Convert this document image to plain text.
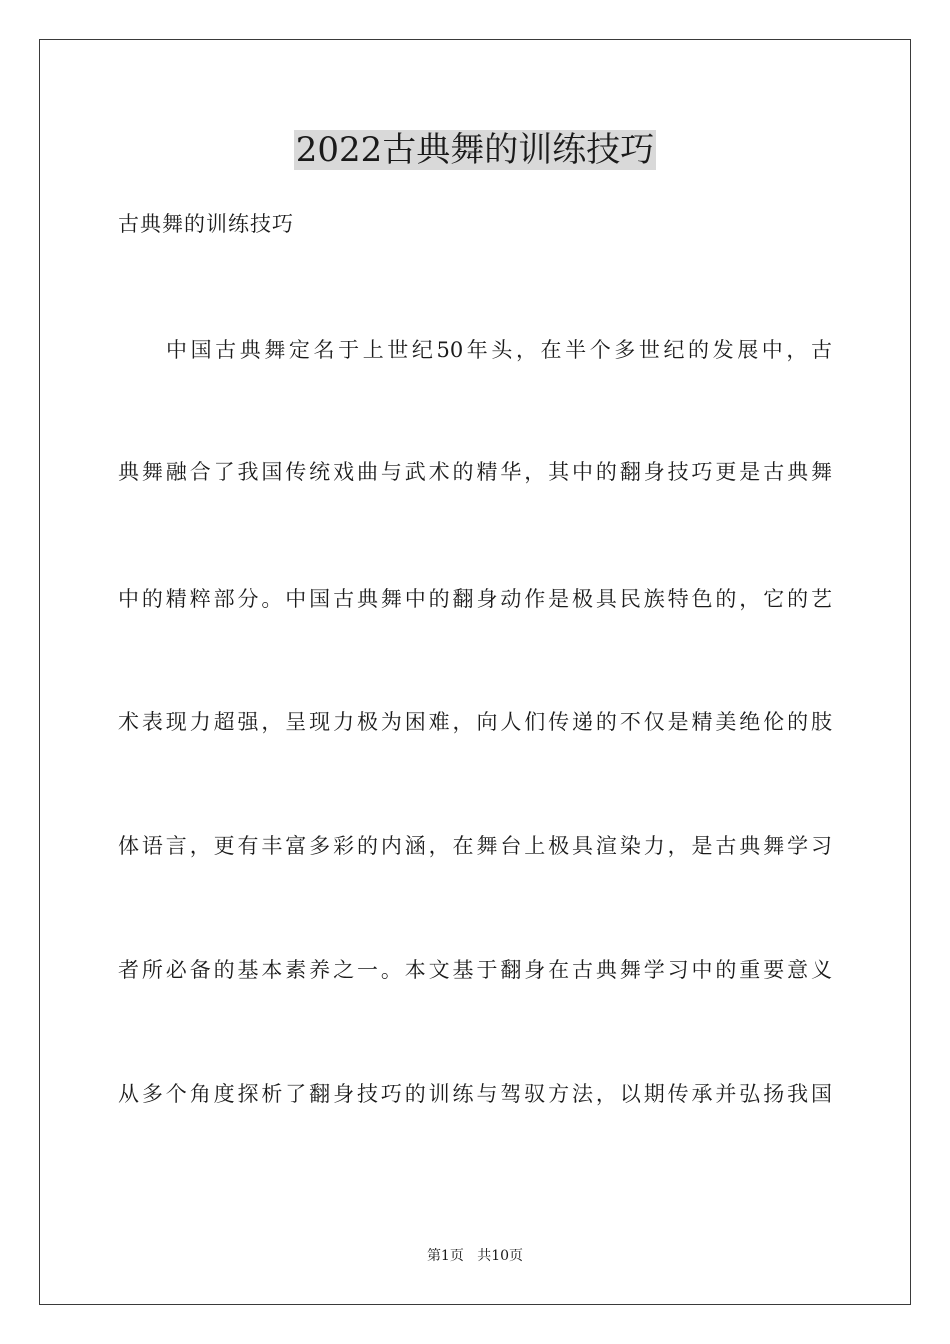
2022古典舞的训练技巧
古典舞的训练技巧
中国古典舞定名于上世纪50年头，在半个多世纪的发展中，古
典舞融合了我国传统戏曲与武术的精华，其中的翻身技巧更是古典舞
中的精粹部分。中国古典舞中的翻身动作是极具民族特色的，它的艺
术表现力超强，呈现力极为困难，向人们传递的不仅是精美绝伦的肢
体语言，更有丰富多彩的内涵，在舞台上极具渲染力，是古典舞学习
者所必备的基本素养之一。本文基于翻身在古典舞学习中的重要意义
从多个角度探析了翻身技巧的训练与驾驭方法，以期传承并弘扬我国
第1页 共10页
